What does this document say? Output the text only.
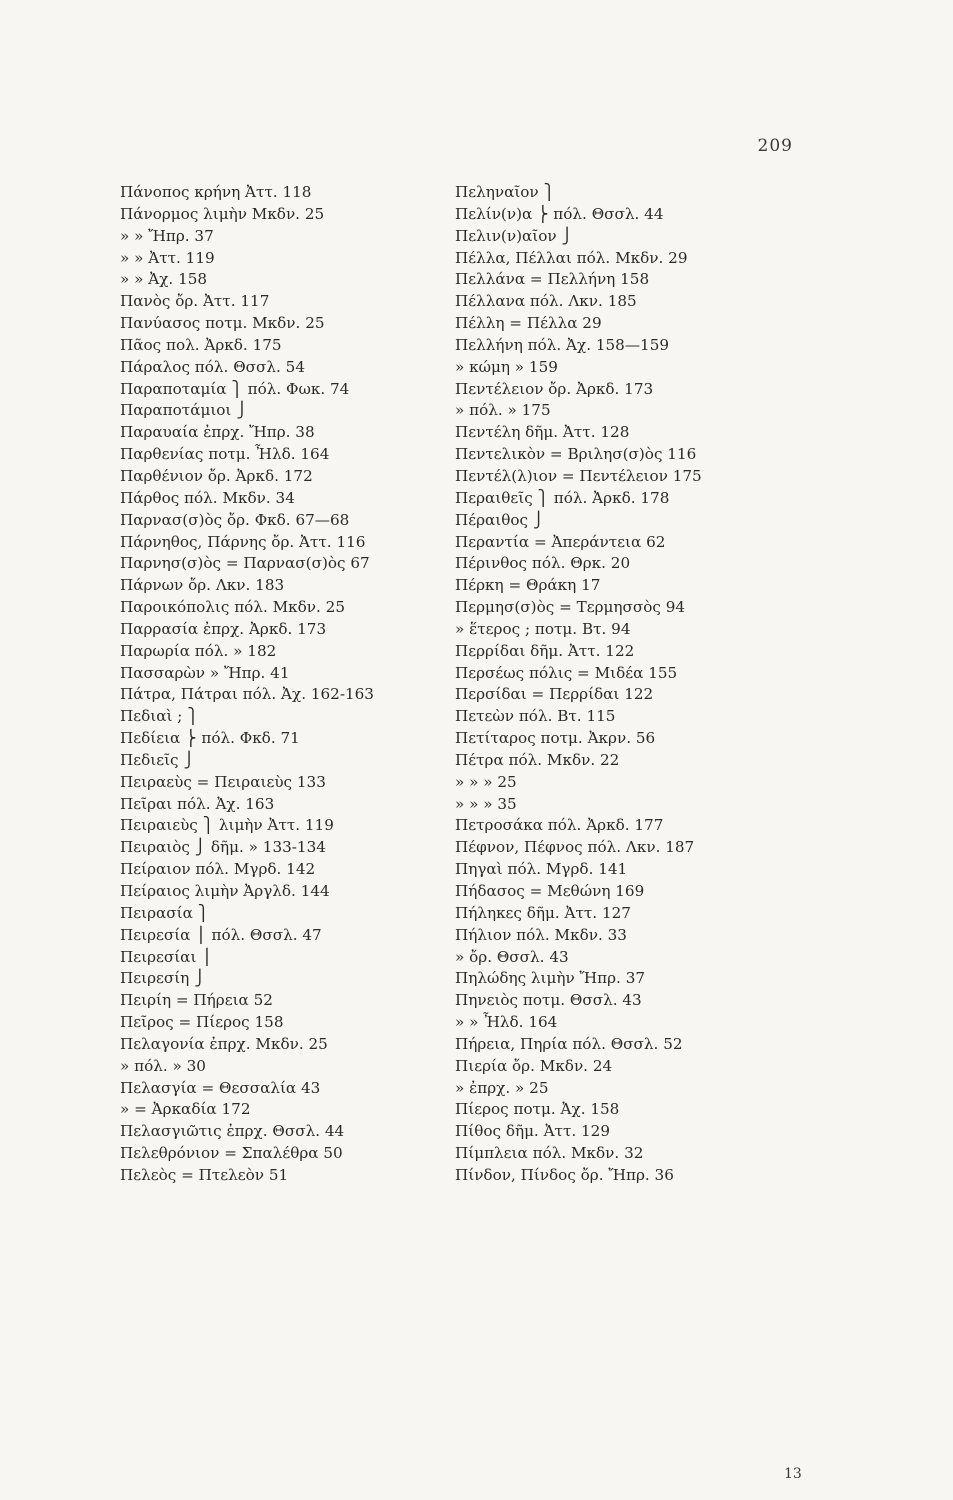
209
Πάνοπος κρήνη Ἀττ. 118
Πάνορμος λιμὴν Μκδν. 25
» » Ἤπρ. 37
» » Ἀττ. 119
» » Ἀχ. 158
Πανὸς ὄρ. Ἀττ. 117
Πανύασος ποτμ. Μκδν. 25
Πᾶος πολ. Ἀρκδ. 175
Πάραλος πόλ. Θσσλ. 54
Παραποταμία ⎫ πόλ. Φωκ. 74
Παραποτάμιοι ⎭
Παραυαία ἐπρχ. Ἤπρ. 38
Παρθενίας ποτμ. Ἦλδ. 164
Παρθένιον ὄρ. Ἀρκδ. 172
Πάρθος πόλ. Μκδν. 34
Παρνασ(σ)ὸς ὄρ. Φκδ. 67—68
Πάρνηθος, Πάρνης ὄρ. Ἀττ. 116
Παρνησ(σ)ὸς = Παρνασ(σ)ὸς 67
Πάρνων ὄρ. Λκν. 183
Παροικόπολις πόλ. Μκδν. 25
Παρρασία ἐπρχ. Ἀρκδ. 173
Παρωρία πόλ. » 182
Πασσαρὼν » Ἤπρ. 41
Πάτρα, Πάτραι πόλ. Ἀχ. 162-163
Πεδιαὶ ; ⎫
Πεδίεια ⎬ πόλ. Φκδ. 71
Πεδιεῖς ⎭
Πειραεὺς = Πειραιεὺς 133
Πεῖραι πόλ. Ἀχ. 163
Πειραιεὺς ⎫ λιμὴν Ἀττ. 119
Πειραιὸς ⎭ δῆμ. » 133-134
Πείραιον πόλ. Μγρδ. 142
Πείραιος λιμὴν Ἀργλδ. 144
Πειρασία ⎫
Πειρεσία ⎪ πόλ. Θσσλ. 47
Πειρεσίαι ⎪
Πειρεσίη ⎭
Πειρίη = Πήρεια 52
Πεῖρος = Πίερος 158
Πελαγονία ἐπρχ. Μκδν. 25
» πόλ. » 30
Πελασγία = Θεσσαλία 43
» = Ἀρκαδία 172
Πελασγιῶτις ἐπρχ. Θσσλ. 44
Πελεθρόνιον = Σπαλέθρα 50
Πελεὸς = Πτελεὸν 51
Πεληναῖον ⎫
Πελίν(ν)α ⎬ πόλ. Θσσλ. 44
Πελιν(ν)αῖον ⎭
Πέλλα, Πέλλαι πόλ. Μκδν. 29
Πελλάνα = Πελλήνη 158
Πέλλανα πόλ. Λκν. 185
Πέλλη = Πέλλα 29
Πελλήνη πόλ. Ἀχ. 158—159
» κώμη » 159
Πεντέλειον ὄρ. Ἀρκδ. 173
» πόλ. » 175
Πεντέλη δῆμ. Ἀττ. 128
Πεντελικὸν = Βριλησ(σ)ὸς 116
Πεντέλ(λ)ιον = Πεντέλειον 175
Περαιθεῖς ⎫ πόλ. Ἀρκδ. 178
Πέραιθος ⎭
Περαντία = Ἀπεράντεια 62
Πέρινθος πόλ. Θρκ. 20
Πέρκη = Θράκη 17
Περμησ(σ)ὸς = Τερμησσὸς 94
» ἕτερος ; ποτμ. Βτ. 94
Περρίδαι δῆμ. Ἀττ. 122
Περσέως πόλις = Μιδέα 155
Περσίδαι = Περρίδαι 122
Πετεὼν πόλ. Βτ. 115
Πετίταρος ποτμ. Ἀκρν. 56
Πέτρα πόλ. Μκδν. 22
» » » 25
» » » 35
Πετροσάκα πόλ. Ἀρκδ. 177
Πέφνον, Πέφνος πόλ. Λκν. 187
Πηγαὶ πόλ. Μγρδ. 141
Πήδασος = Μεθώνη 169
Πήληκες δῆμ. Ἀττ. 127
Πήλιον πόλ. Μκδν. 33
» ὄρ. Θσσλ. 43
Πηλώδης λιμὴν Ἤπρ. 37
Πηνειὸς ποτμ. Θσσλ. 43
» » Ἦλδ. 164
Πήρεια, Πηρία πόλ. Θσσλ. 52
Πιερία ὄρ. Μκδν. 24
» ἐπρχ. » 25
Πίερος ποτμ. Ἀχ. 158
Πίθος δῆμ. Ἀττ. 129
Πίμπλεια πόλ. Μκδν. 32
Πίνδον, Πίνδος ὄρ. Ἤπρ. 36
13
